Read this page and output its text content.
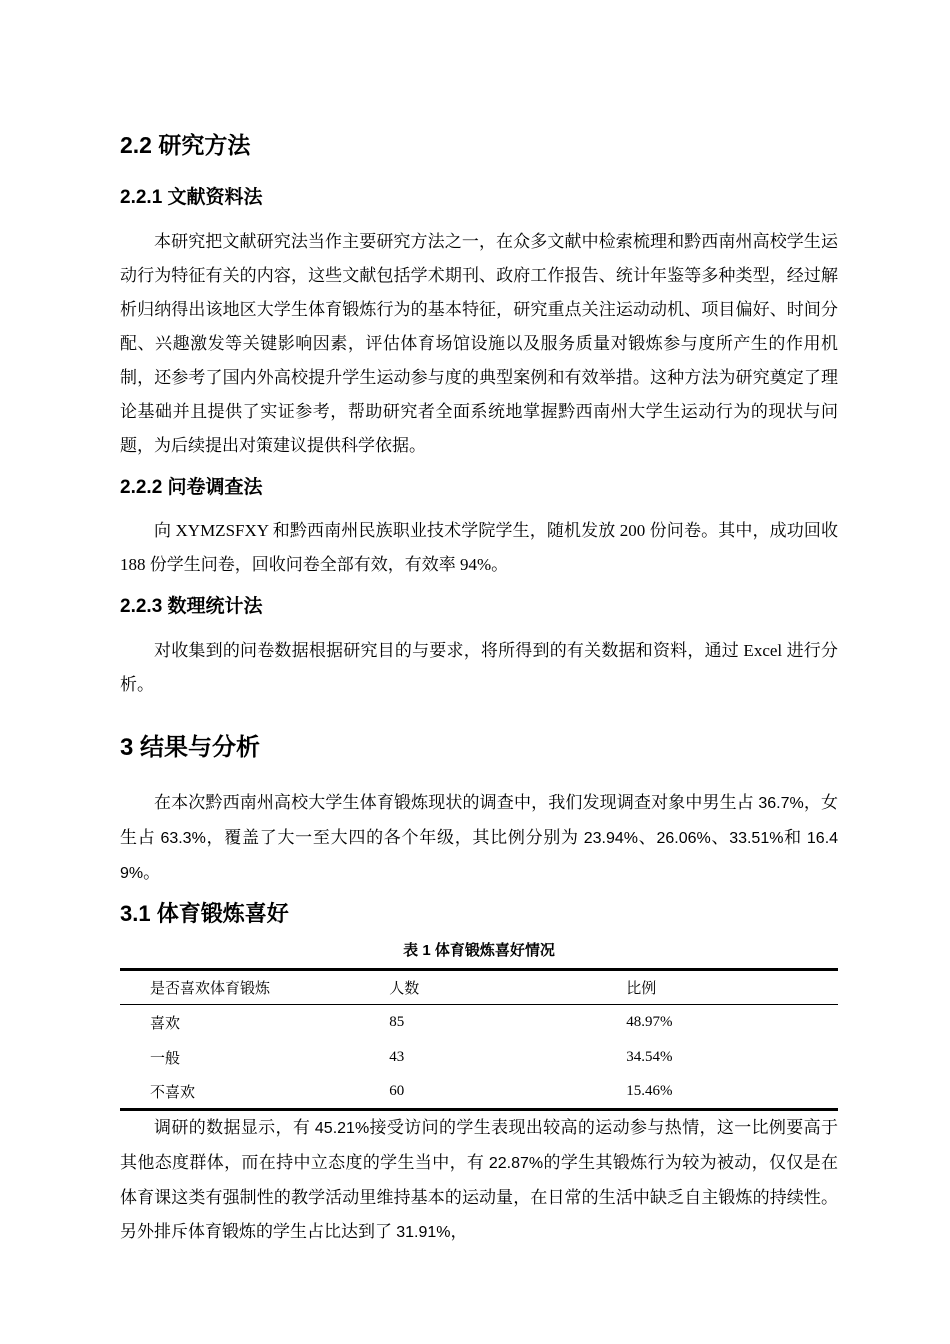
2.2 研究方法
2.2.1 文献资料法

本研究把文献研究法当作主要研究方法之一，在众多文献中检索梳理和黔西南州高校学生运动行为特征有关的内容，这些文献包括学术期刊、政府工作报告、统计年鉴等多种类型，经过解析归纳得出该地区大学生体育锻炼行为的基本特征，研究重点关注运动动机、项目偏好、时间分配、兴趣激发等关键影响因素，评估体育场馆设施以及服务质量对锻炼参与度所产生的作用机制，还参考了国内外高校提升学生运动参与度的典型案例和有效举措。这种方法为研究奠定了理论基础并且提供了实证参考，帮助研究者全面系统地掌握黔西南州大学生运动行为的现状与问题，为后续提出对策建议提供科学依据。

2.2.2 问卷调查法

向 XYMZSFXY 和黔西南州民族职业技术学院学生，随机发放 200 份问卷。其中，成功回收 188 份学生问卷，回收问卷全部有效，有效率 94%。

2.2.3 数理统计法

对收集到的问卷数据根据研究目的与要求，将所得到的有关数据和资料，通过 Excel 进行分析。

3 结果与分析

在本次黔西南州高校大学生体育锻炼现状的调查中，我们发现调查对象中男生占 36.7%，女生占 63.3%，覆盖了大一至大四的各个年级，其比例分别为 23.94%、26.06%、33.51%和 16.49%。

3.1 体育锻炼喜好
表 1 体育锻炼喜好情况
是否喜欢体育锻炼	人数	比例
喜欢	85	48.97%
一般	43	34.54%
不喜欢	60	15.46%

调研的数据显示，有 45.21%接受访问的学生表现出较高的运动参与热情，这一比例要高于其他态度群体，而在持中立态度的学生当中，有 22.87%的学生其锻炼行为较为被动，仅仅是在体育课这类有强制性的教学活动里维持基本的运动量，在日常的生活中缺乏自主锻炼的持续性。另外排斥体育锻炼的学生占比达到了 31.91%，
